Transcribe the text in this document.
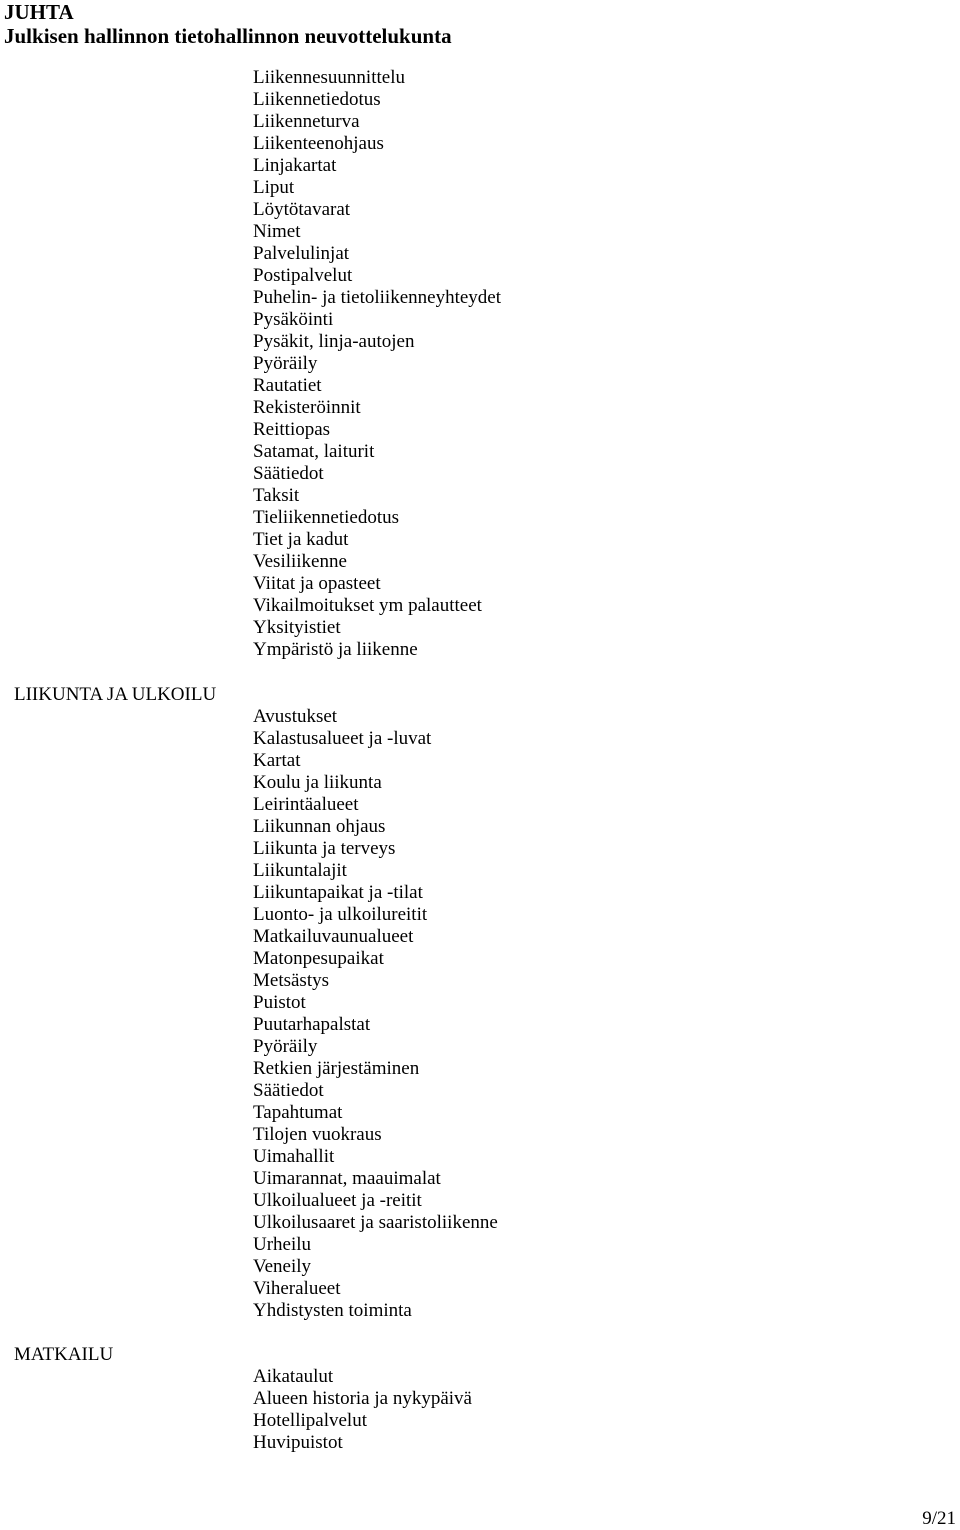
JUHTA
Julkisen hallinnon tietohallinnon neuvottelukunta
Liikennesuunnittelu
Liikennetiedotus
Liikenneturva
Liikenteenohjaus
Linjakartat
Liput
Löytötavarat
Nimet
Palvelulinjat
Postipalvelut
Puhelin- ja tietoliikenneyhteydet
Pysäköinti
Pysäkit, linja-autojen
Pyöräily
Rautatiet
Rekisteröinnit
Reittiopas
Satamat, laiturit
Säätiedot
Taksit
Tieliikennetiedotus
Tiet ja kadut
Vesiliikenne
Viitat ja opasteet
Vikailmoitukset ym palautteet
Yksityistiet
Ympäristö ja liikenne
LIIKUNTA JA ULKOILU
Avustukset
Kalastusalueet ja -luvat
Kartat
Koulu ja liikunta
Leirintäalueet
Liikunnan ohjaus
Liikunta ja terveys
Liikuntalajit
Liikuntapaikat ja -tilat
Luonto- ja ulkoilureitit
Matkailuvaunualueet
Matonpesupaikat
Metsästys
Puistot
Puutarhapalstat
Pyöräily
Retkien järjestäminen
Säätiedot
Tapahtumat
Tilojen vuokraus
Uimahallit
Uimarannat, maauimalat
Ulkoilualueet ja -reitit
Ulkoilusaaret ja saaristoliikenne
Urheilu
Veneily
Viheralueet
Yhdistysten toiminta
MATKAILU
Aikataulut
Alueen historia ja nykypäivä
Hotellipalvelut
Huvipuistot
9/21
